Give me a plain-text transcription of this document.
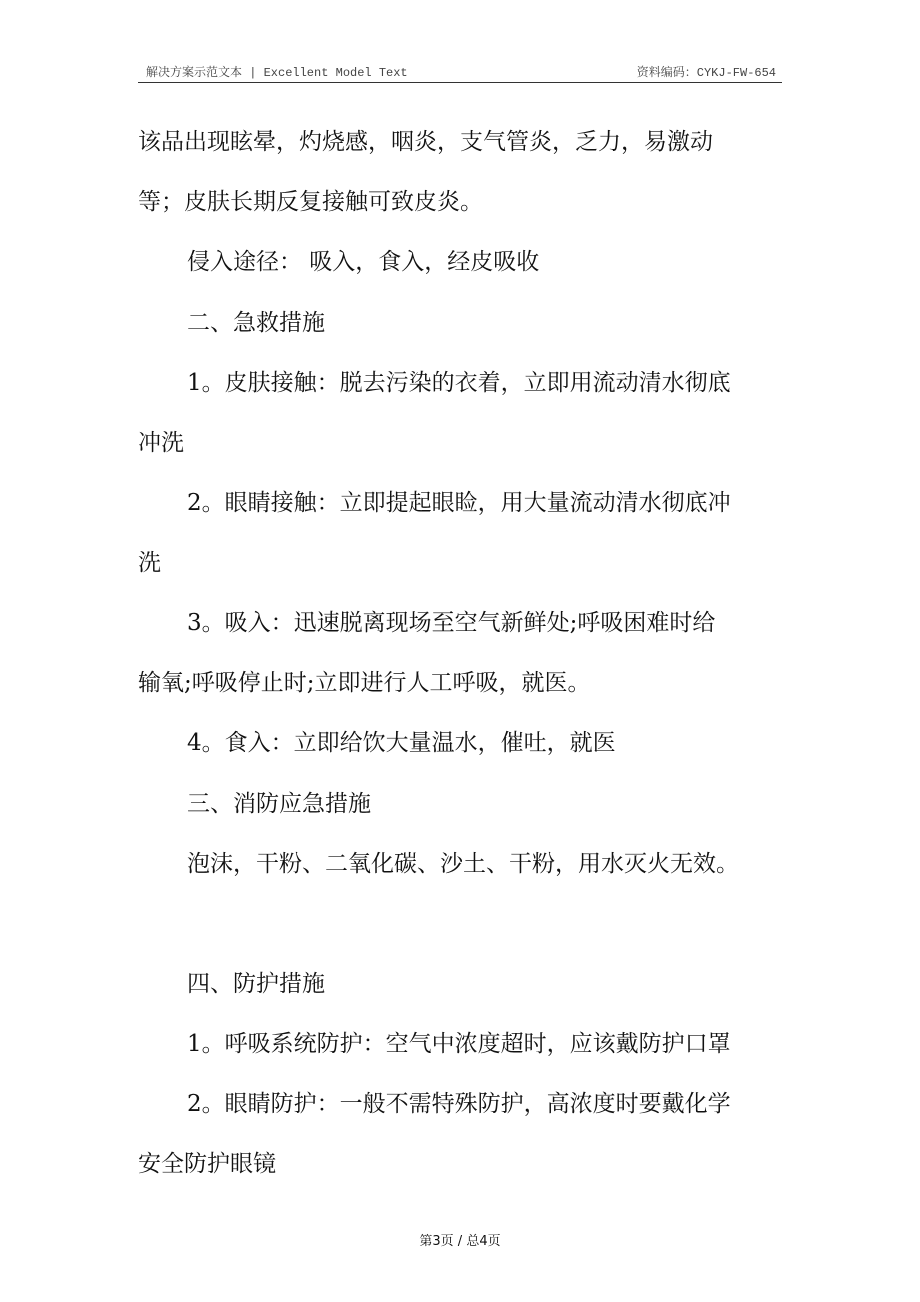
解决方案示范文本 | Excellent Model Text	资料编码：CYKJ-FW-654
该品出现眩晕，灼烧感，咽炎，支气管炎，乏力，易激动
等；皮肤长期反复接触可致皮炎。
侵入途径： 吸入，食入，经皮吸收
二、急救措施
1。皮肤接触：脱去污染的衣着，立即用流动清水彻底
冲洗
2。眼睛接触：立即提起眼睑，用大量流动清水彻底冲
洗
3。吸入：迅速脱离现场至空气新鲜处;呼吸困难时给
输氧;呼吸停止时;立即进行人工呼吸，就医。
4。食入：立即给饮大量温水，催吐，就医
三、消防应急措施
泡沫，干粉、二氧化碳、沙土、干粉，用水灭火无效。
四、防护措施
1。呼吸系统防护：空气中浓度超时，应该戴防护口罩
2。眼睛防护：一般不需特殊防护，高浓度时要戴化学
安全防护眼镜
第3页 / 总4页
